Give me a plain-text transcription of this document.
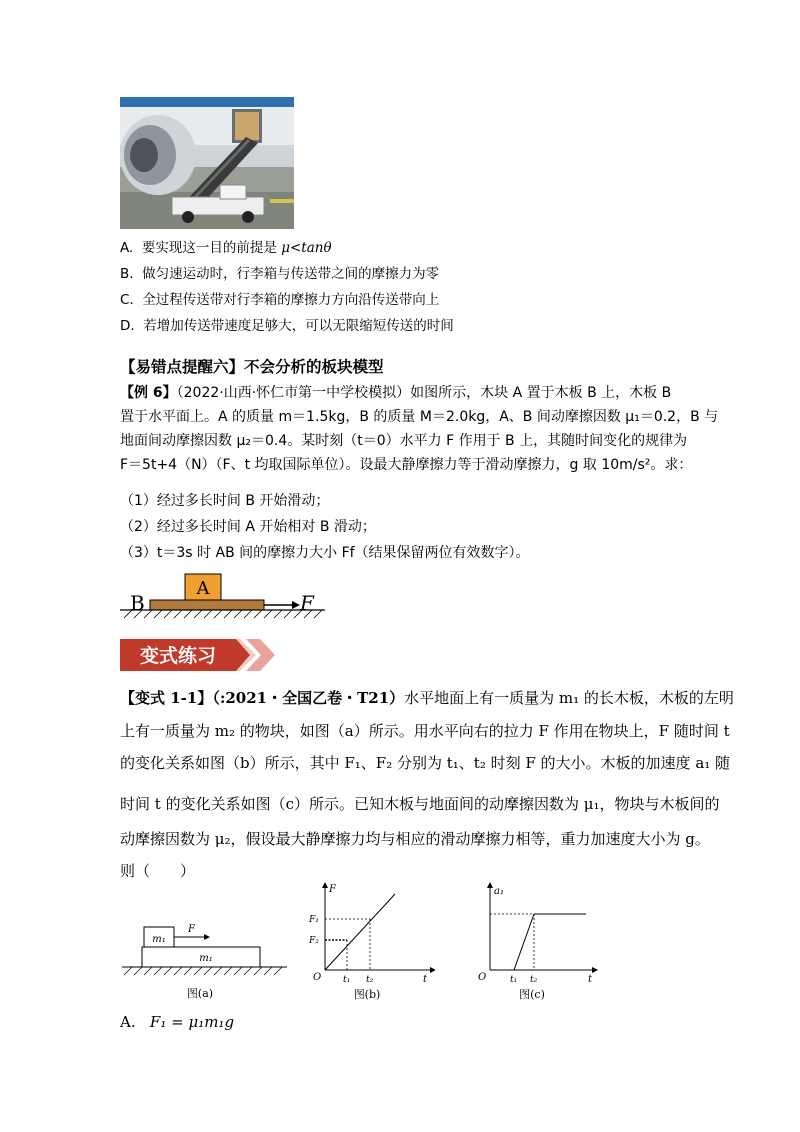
A. 要实现这一目的前提是 μ<tanθ
B. 做匀速运动时，行李箱与传送带之间的摩擦力为零
C. 全过程传送带对行李箱的摩擦力方向沿传送带向上
D. 若增加传送带速度足够大，可以无限缩短传送的时间
【易错点提醒六】不会分析的板块模型
【例 6】（2022·山西·怀仁市第一中学校模拟）如图所示，木块 A 置于木板 B 上，木板 B
置于水平面上。A 的质量 m＝1.5kg，B 的质量 M＝2.0kg，A、B 间动摩擦因数 μ₁＝0.2，B 与
地面间动摩擦因数 μ₂＝0.4。某时刻（t＝0）水平力 F 作用于 B 上，其随时间变化的规律为
F＝5t+4（N）（F、t 均取国际单位）。设最大静摩擦力等于滑动摩擦力，g 取 10m/s²。求：
（1）经过多长时间 B 开始滑动；
（2）经过多长时间 A 开始相对 B 滑动；
（3）t＝3s 时 AB 间的摩擦力大小 Ff（结果保留两位有效数字）。
A
B	F
变式练习
【变式 1-1】（:2021・全国乙卷・T21）水平地面上有一质量为 m₁ 的长木板，木板的左明
上有一质量为 m₂ 的物块，如图（a）所示。用水平向右的拉力 F 作用在物块上，F 随时间 t
的变化关系如图（b）所示，其中 F₁、F₂ 分别为 t₁、t₂ 时刻 F 的大小。木板的加速度 a₁ 随
时间 t 的变化关系如图（c）所示。已知木板与地面间的动摩擦因数为 μ₁，物块与木板间的
动摩擦因数为 μ₂，假设最大静摩擦力均与相应的滑动摩擦力相等，重力加速度大小为 g。
则（　　）
m₁
F
m₁
图(a)
F
t
O
F₁
F₂
t₁ t₂
图(b)
a₁
t
O	t₁ t₂
图(c)
A. F₁ = μ₁m₁g
